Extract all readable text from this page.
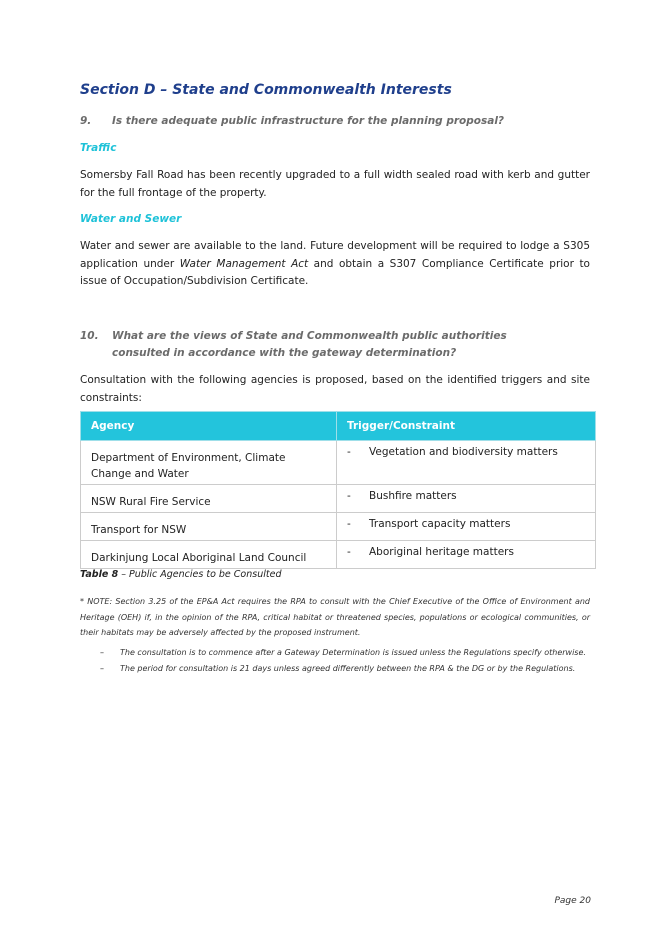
Section D – State and Commonwealth Interests
9. Is there adequate public infrastructure for the planning proposal?
Traffic
Somersby Fall Road has been recently upgraded to a full width sealed road with kerb and gutter for the full frontage of the property.
Water and Sewer
Water and sewer are available to the land. Future development will be required to lodge a S305 application under Water Management Act and obtain a S307 Compliance Certificate prior to issue of Occupation/Subdivision Certificate.
10. What are the views of State and Commonwealth public authorities consulted in accordance with the gateway determination?
Consultation with the following agencies is proposed, based on the identified triggers and site constraints:
Agency	Trigger/Constraint

Department of Environment, Climate Change and Water	- Vegetation and biodiversity matters

NSW Rural Fire Service	- Bushfire matters

Transport for NSW	- Transport capacity matters

Darkinjung Local Aboriginal Land Council	- Aboriginal heritage matters
Table 8 – Public Agencies to be Consulted
* NOTE: Section 3.25 of the EP&A Act requires the RPA to consult with the Chief Executive of the Office of Environment and Heritage (OEH) if, in the opinion of the RPA, critical habitat or threatened species, populations or ecological communities, or their habitats may be adversely affected by the proposed instrument.
–	The consultation is to commence after a Gateway Determination is issued unless the Regulations specify otherwise.
–	The period for consultation is 21 days unless agreed differently between the RPA & the DG or by the Regulations.
Page 20
